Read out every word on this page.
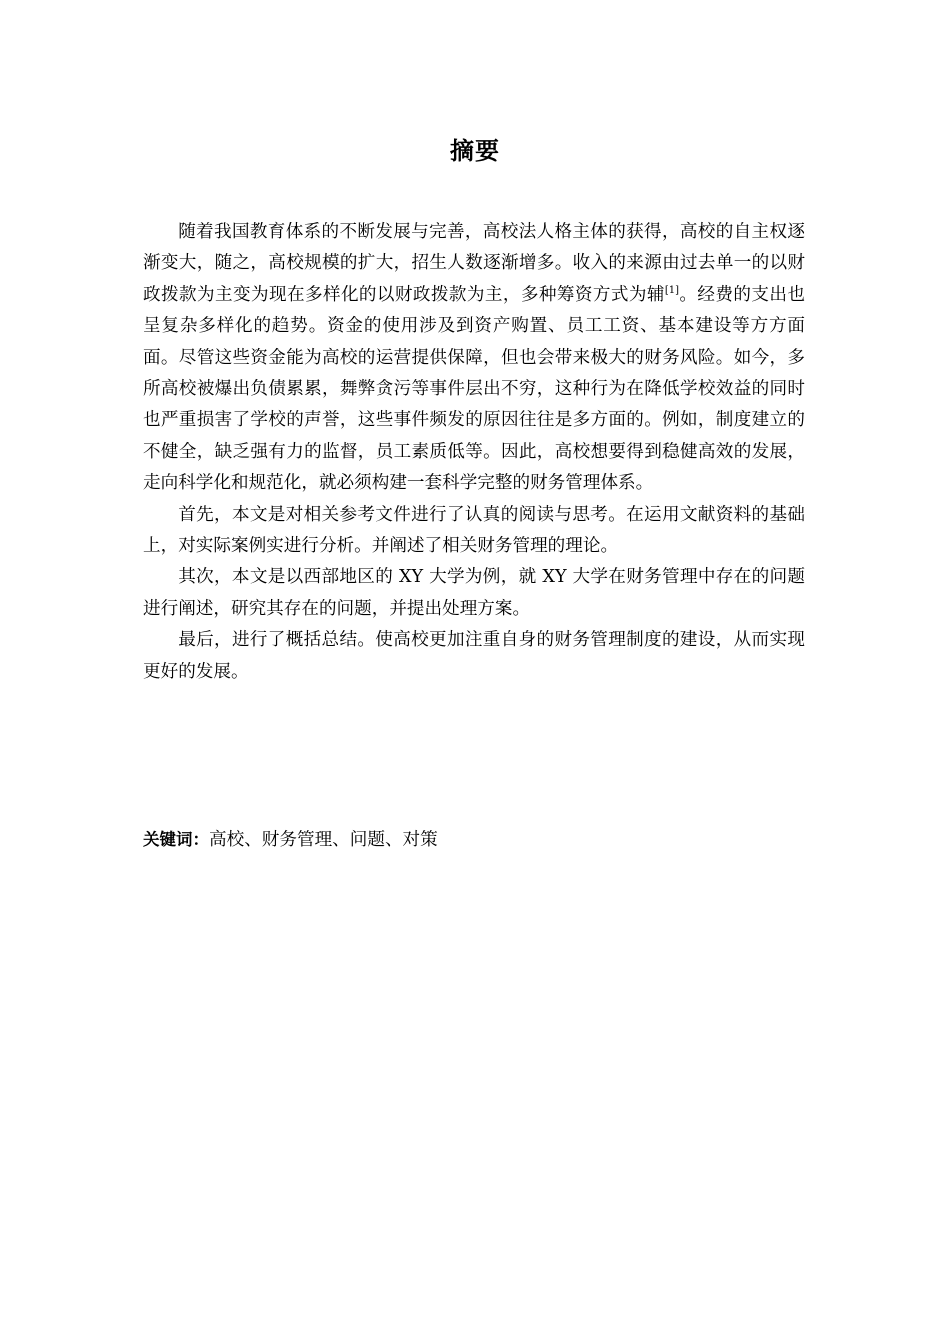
摘要

随着我国教育体系的不断发展与完善，高校法人格主体的获得，高校的自主权逐渐变大，随之，高校规模的扩大，招生人数逐渐增多。收入的来源由过去单一的以财政拨款为主变为现在多样化的以财政拨款为主，多种筹资方式为辅[1]。经费的支出也呈复杂多样化的趋势。资金的使用涉及到资产购置、员工工资、基本建设等方方面面。尽管这些资金能为高校的运营提供保障，但也会带来极大的财务风险。如今，多所高校被爆出负债累累，舞弊贪污等事件层出不穷，这种行为在降低学校效益的同时也严重损害了学校的声誉，这些事件频发的原因往往是多方面的。例如，制度建立的不健全，缺乏强有力的监督，员工素质低等。因此，高校想要得到稳健高效的发展，走向科学化和规范化，就必须构建一套科学完整的财务管理体系。

首先，本文是对相关参考文件进行了认真的阅读与思考。在运用文献资料的基础上，对实际案例实进行分析。并阐述了相关财务管理的理论。

其次，本文是以西部地区的 XY 大学为例，就 XY 大学在财务管理中存在的问题进行阐述，研究其存在的问题，并提出处理方案。

最后，进行了概括总结。使高校更加注重自身的财务管理制度的建设，从而实现更好的发展。

关键词：高校、财务管理、问题、对策
